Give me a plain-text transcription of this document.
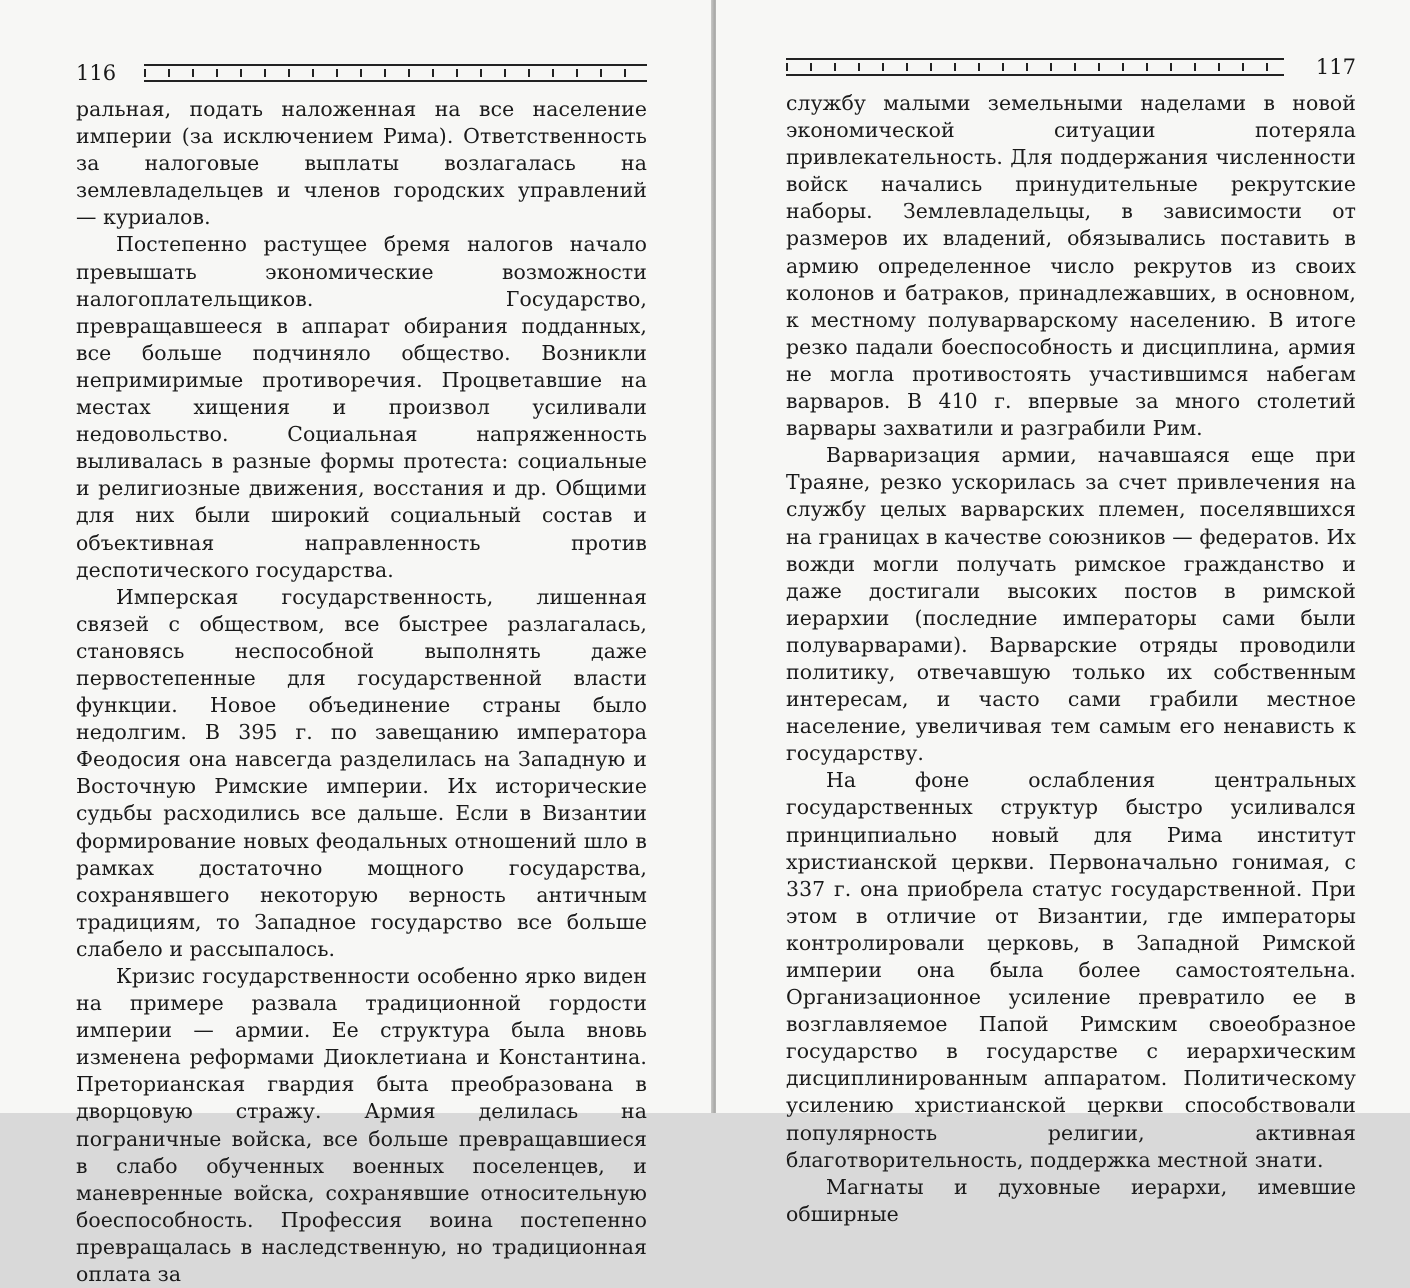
116

ральная, подать наложенная на все население империи (за исключением Рима). Ответственность за налоговые выплаты возлагалась на землевладельцев и членов городских управлений — куриалов.

Постепенно растущее бремя налогов начало превышать экономические возможности налогоплательщиков. Государство, превращавшееся в аппарат обирания подданных, все больше подчиняло общество. Возникли непримиримые противоречия. Процветавшие на местах хищения и произвол усиливали недовольство. Социальная напряженность выливалась в разные формы протеста: социальные и религиозные движения, восстания и др. Общими для них были широкий социальный состав и объективная направленность против деспотического государства.

Имперская государственность, лишенная связей с обществом, все быстрее разлагалась, становясь неспособной выполнять даже первостепенные для государственной власти функции. Новое объединение страны было недолгим. В 395 г. по завещанию императора Феодосия она навсегда разделилась на Западную и Восточную Римские империи. Их исторические судьбы расходились все дальше. Если в Византии формирование новых феодальных отношений шло в рамках достаточно мощного государства, сохранявшего некоторую верность античным традициям, то Западное государство все больше слабело и рассыпалось.

Кризис государственности особенно ярко виден на примере развала традиционной гордости империи — армии. Ее структура была вновь изменена реформами Диоклетиана и Константина. Преторианская гвардия быта преобразована в дворцовую стражу. Армия делилась на пограничные войска, все больше превращавшиеся в слабо обученных военных поселенцев, и маневренные войска, сохранявшие относительную боеспособность. Профессия воина постепенно превращалась в наследственную, но традиционная оплата за

117

службу малыми земельными наделами в новой экономической ситуации потеряла привлекательность. Для поддержания численности войск начались принудительные рекрутские наборы. Землевладельцы, в зависимости от размеров их владений, обязывались поставить в армию определенное число рекрутов из своих колонов и батраков, принадлежавших, в основном, к местному полуварварскому населению. В итоге резко падали боеспособность и дисциплина, армия не могла противостоять участившимся набегам варваров. В 410 г. впервые за много столетий варвары захватили и разграбили Рим.

Варваризация армии, начавшаяся еще при Траяне, резко ускорилась за счет привлечения на службу целых варварских племен, поселявшихся на границах в качестве союзников — федератов. Их вожди могли получать римское гражданство и даже достигали высоких постов в римской иерархии (последние императоры сами были полуварварами). Варварские отряды проводили политику, отвечавшую только их собственным интересам, и часто сами грабили местное население, увеличивая тем самым его ненависть к государству.

На фоне ослабления центральных государственных структур быстро усиливался принципиально новый для Рима институт христианской церкви. Первоначально гонимая, с 337 г. она приобрела статус государственной. При этом в отличие от Византии, где императоры контролировали церковь, в Западной Римской империи она была более самостоятельна. Организационное усиление превратило ее в возглавляемое Папой Римским своеобразное государство в государстве с иерархическим дисциплинированным аппаратом. Политическому усилению христианской церкви способствовали популярность религии, активная благотворительность, поддержка местной знати.

Магнаты и духовные иерархи, имевшие обширные
